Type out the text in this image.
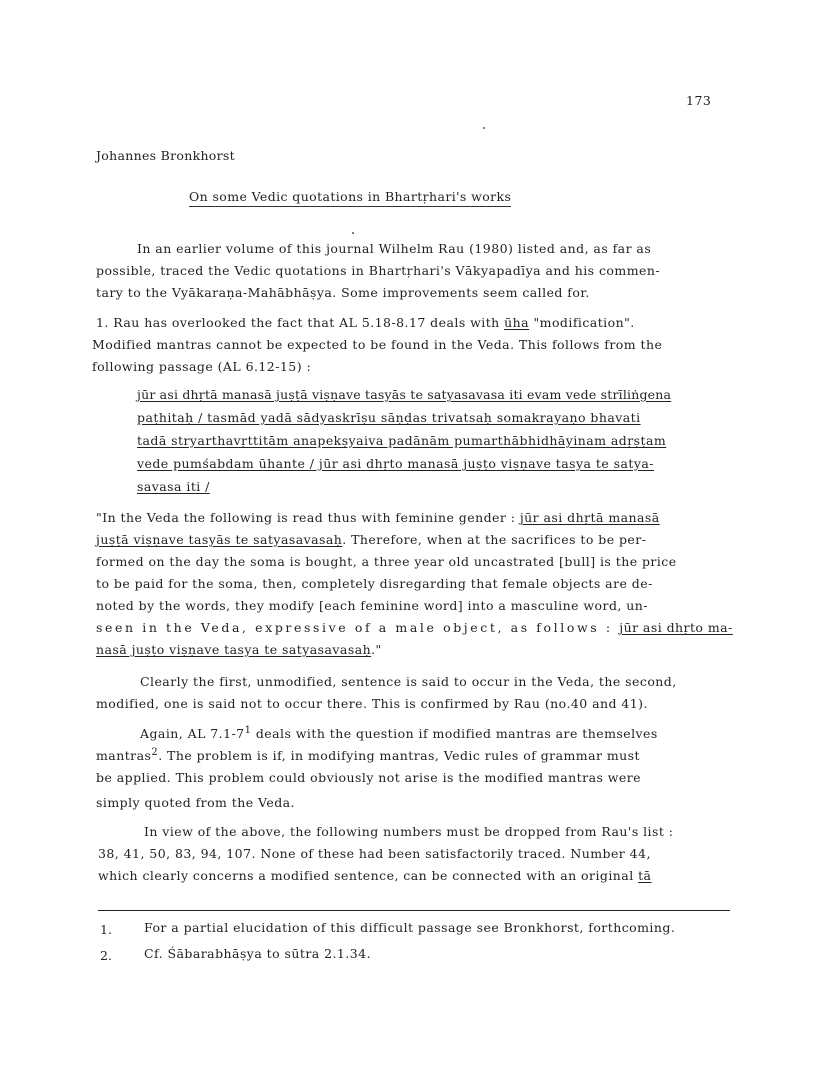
173
Johannes Bronkhorst
On some Vedic quotations in Bhartṛhari's works
In an earlier volume of this journal Wilhelm Rau (1980) listed and, as far as
possible, traced the Vedic quotations in Bhartṛhari's Vākyapadīya and his commen-
tary to the Vyākaraṇa-Mahābhāṣya. Some improvements seem called for.
1. Rau has overlooked the fact that AL 5.18-8.17 deals with ūha "modification".
Modified mantras cannot be expected to be found in the Veda. This follows from the
following passage (AL 6.12-15) :
jūr asi dhṛtā manasā juṣṭā viṣṇave tasyās te satyasavasa iti evam vede strīliṅgena
paṭhitaḥ / tasmād yadā sādyaskrīṣu sāṇḍas trivatsaḥ somakrayaṇo bhavati
tadā stryarthavṛttitām anapekṣyaiva padānām pumarthābhidhāyinam adṛṣṭam
vede pumśabdam ūhante / jūr asi dhṛto manasā juṣṭo viṣṇave tasya te satya-
savasa iti /
"In the Veda the following is read thus with feminine gender : jūr asi dhṛtā manasā
juṣṭā viṣṇave tasyās te satyasavasaḥ. Therefore, when at the sacrifices to be per-
formed on the day the soma is bought, a three year old uncastrated [bull] is the price
to be paid for the soma, then, completely disregarding that female objects are de-
noted by the words, they modify [each feminine word] into a masculine word, un-
seen in the Veda, expressive of a male object, as follows : jūr asi dhṛto ma-
nasā juṣṭo viṣṇave tasya te satyasavasaḥ."
Clearly the first, unmodified, sentence is said to occur in the Veda, the second,
modified, one is said not to occur there. This is confirmed by Rau (no.40 and 41).
Again, AL $7.1-7^1$ deals with the question if modified mantras are themselves
mantras$^2$. The problem is if, in modifying mantras, Vedic rules of grammar must
be applied. This problem could obviously not arise is the modified mantras were
simply quoted from the Veda.
In view of the above, the following numbers must be dropped from Rau's list :
38, 41, 50, 83, 94, 107. None of these had been satisfactorily traced. Number 44,
which clearly concerns a modified sentence, can be connected with an original tā
1.	For a partial elucidation of this difficult passage see Bronkhorst, forthcoming.
2.	Cf. Śābarabhāṣya to sūtra 2.1.34.
